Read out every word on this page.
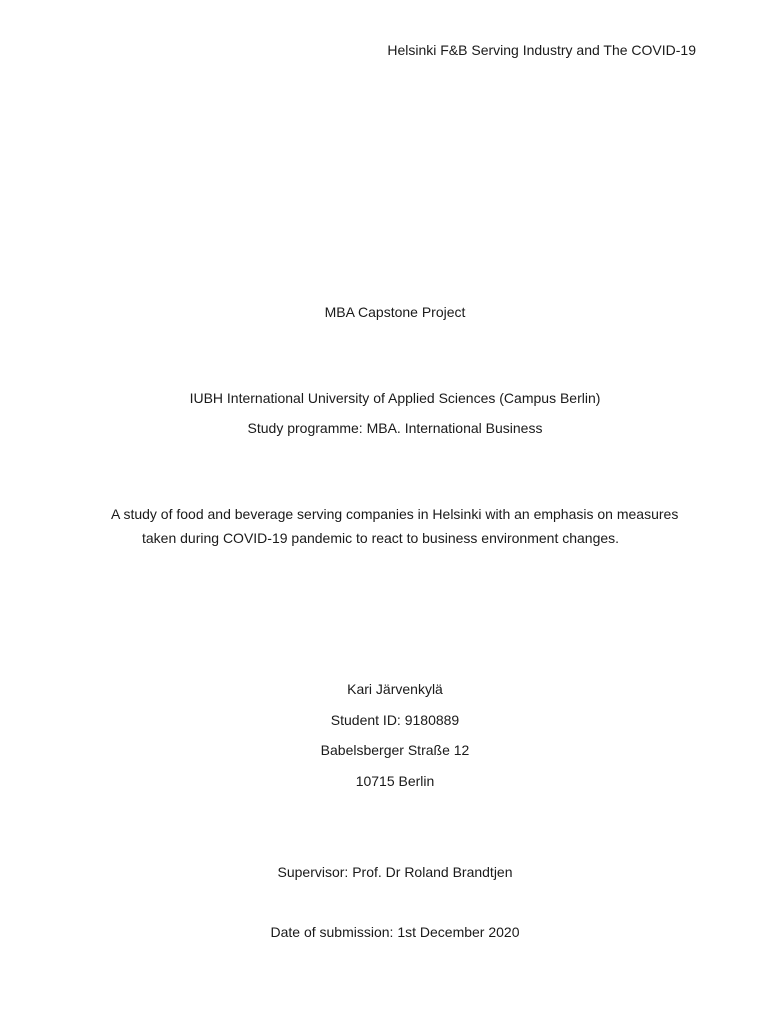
Helsinki F&B Serving Industry and The COVID-19
MBA Capstone Project
IUBH International University of Applied Sciences (Campus Berlin)
Study programme: MBA. International Business
A study of food and beverage serving companies in Helsinki with an emphasis on measures
taken during COVID-19 pandemic to react to business environment changes.
Kari Järvenkylä
Student ID: 9180889
Babelsberger Straße 12
10715 Berlin
Supervisor: Prof. Dr Roland Brandtjen
Date of submission: 1st December 2020
